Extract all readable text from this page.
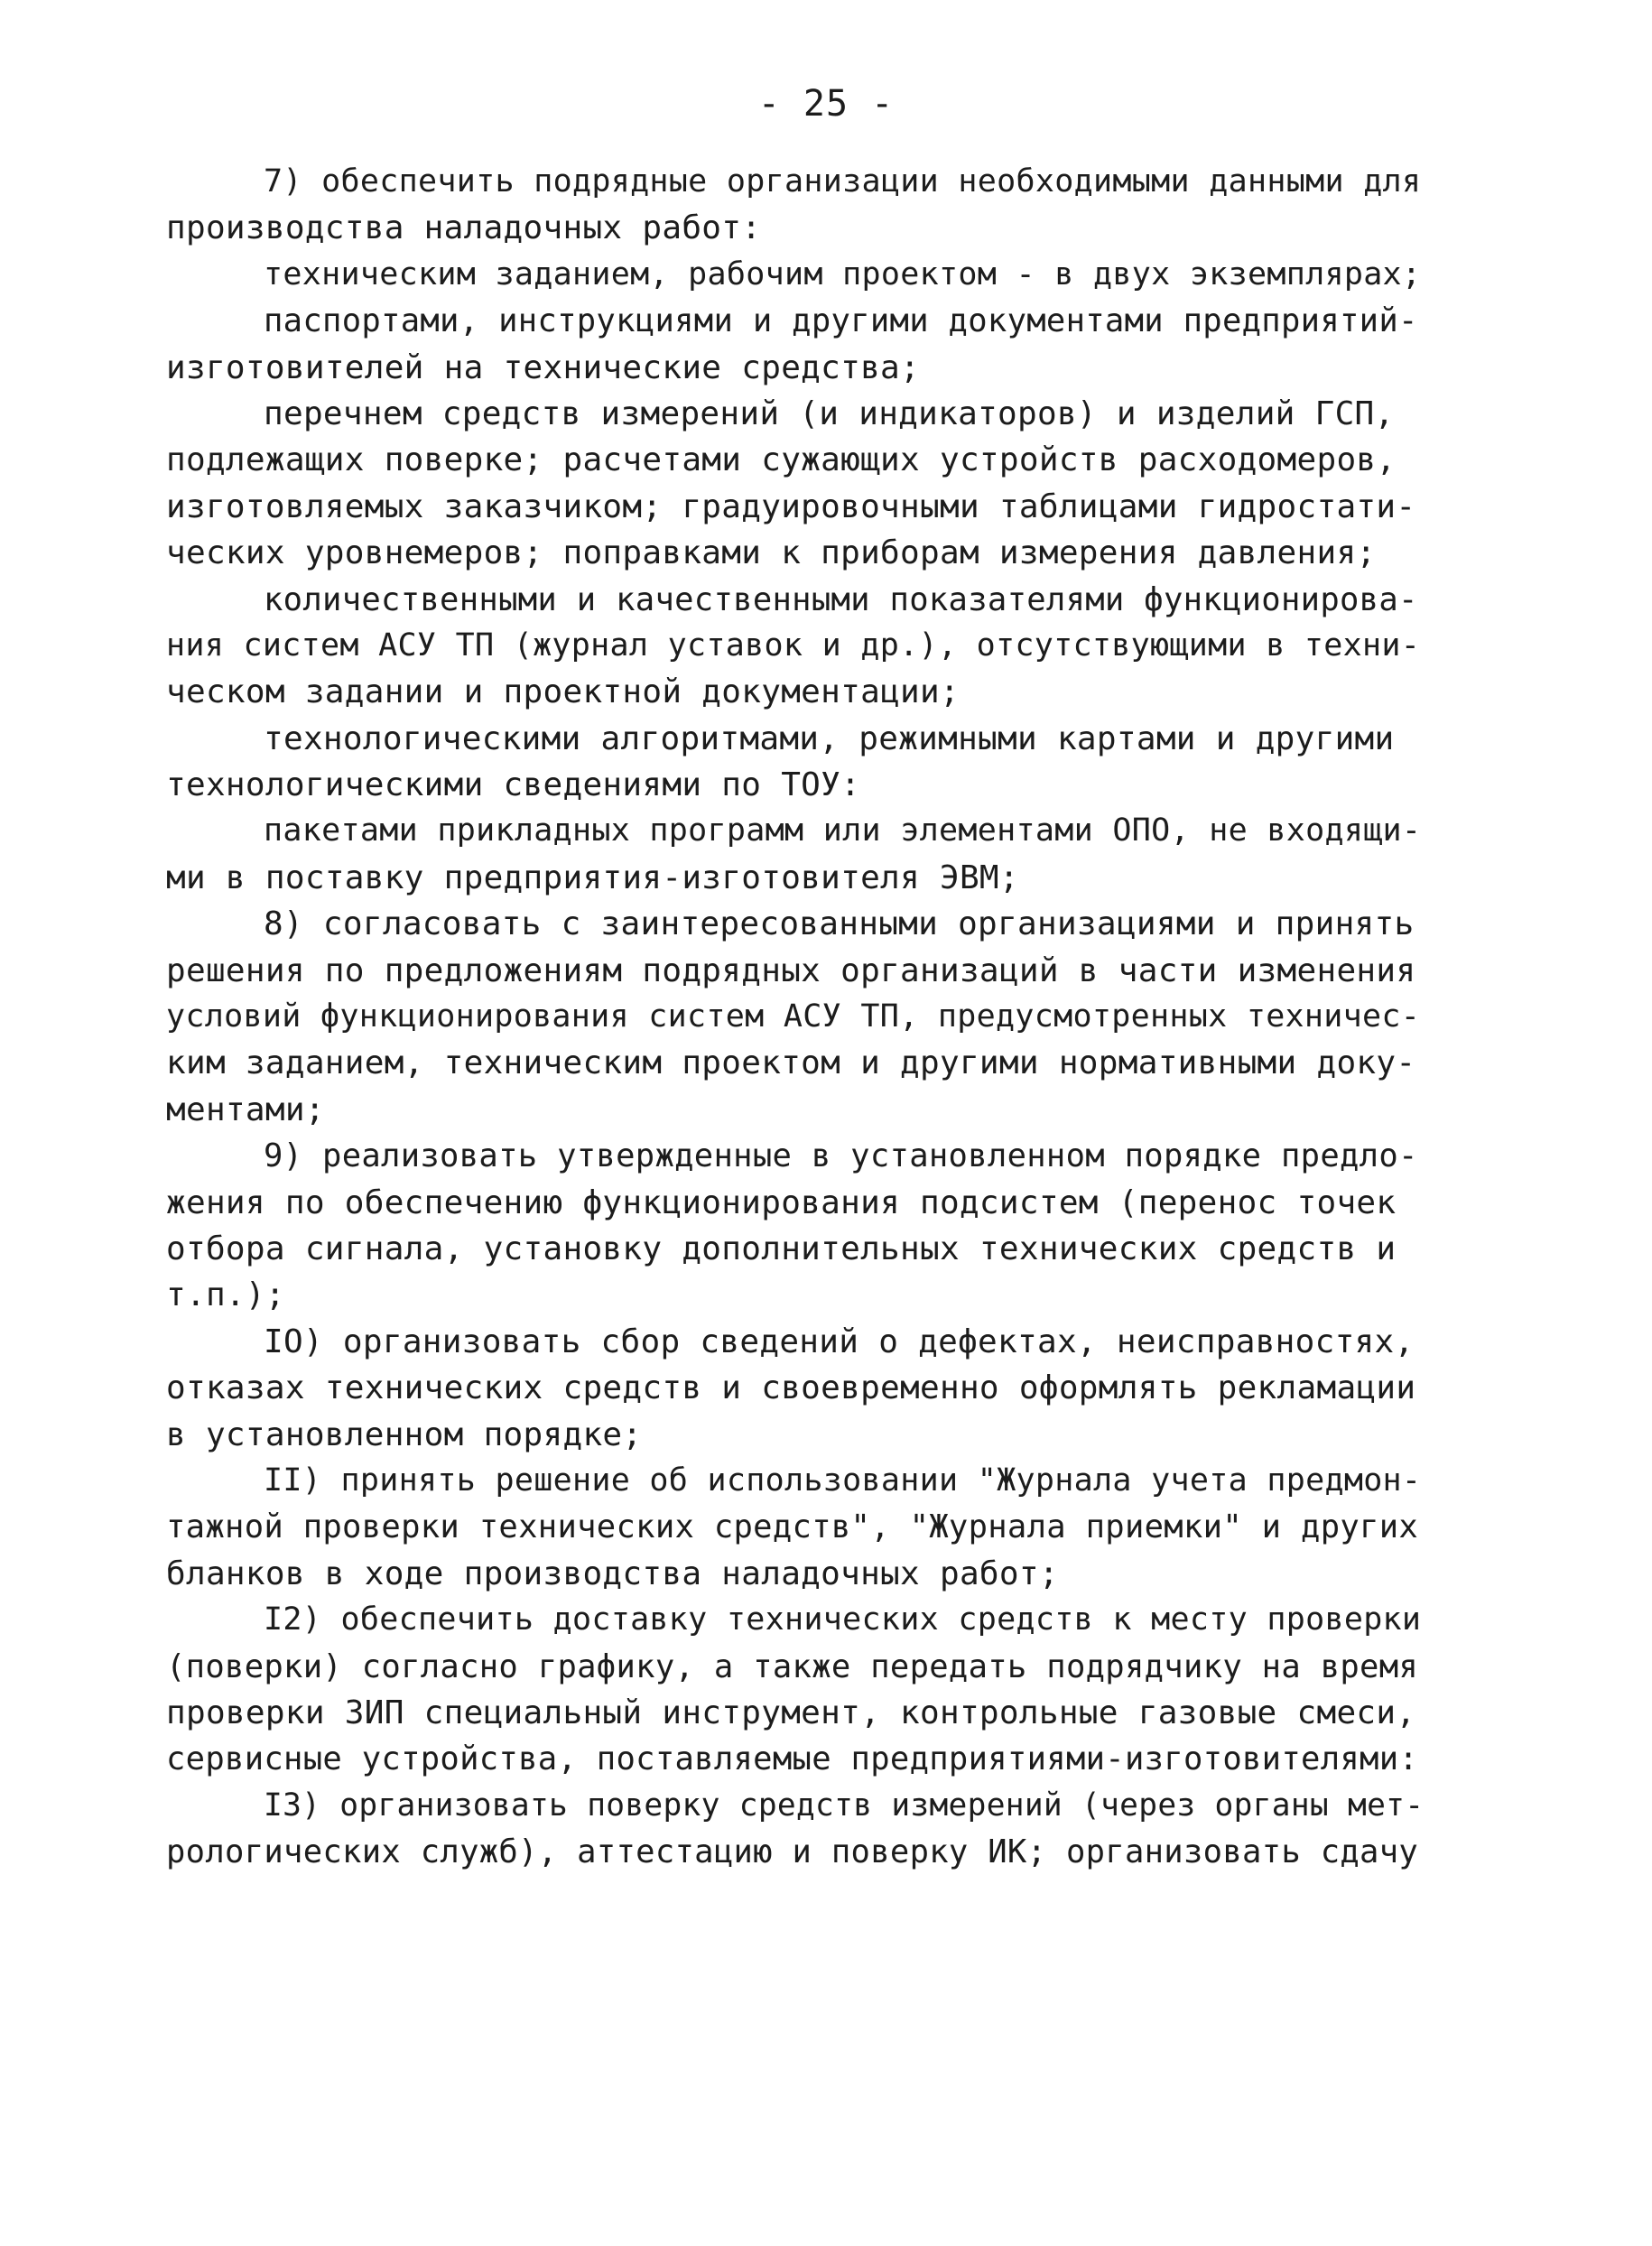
- 25 -
7) обеспечить подрядные организации необходимыми данными для
производства наладочных работ:
техническим заданием, рабочим проектом - в двух экземплярах;
паспортами, инструкциями и другими документами предприятий-
изготовителей на технические средства;
перечнем средств измерений (и индикаторов) и изделий ГСП,
подлежащих поверке; расчетами сужающих устройств расходомеров,
изготовляемых заказчиком; градуировочными таблицами гидростати-
ческих уровнемеров; поправками к приборам измерения давления;
количественными и качественными показателями функционирова-
ния систем АСУ ТП (журнал уставок и др.), отсутствующими в техни-
ческом задании и проектной документации;
технологическими алгоритмами, режимными картами и другими
технологическими сведениями по ТОУ:
пакетами прикладных программ или элементами ОПО, не входящи-
ми в поставку предприятия-изготовителя ЭВМ;
8) согласовать с заинтересованными организациями и принять
решения по предложениям подрядных организаций в части изменения
условий функционирования систем АСУ ТП, предусмотренных техничес-
ким заданием, техническим проектом и другими нормативными доку-
ментами;
9) реализовать утвержденные в установленном порядке предло-
жения по обеспечению функционирования подсистем (перенос точек
отбора сигнала, установку дополнительных технических средств и
т.п.);
IO) организовать сбор сведений о дефектах, неисправностях,
отказах технических средств и своевременно оформлять рекламации
в установленном порядке;
II) принять решение об использовании "Журнала учета предмон-
тажной проверки технических средств", "Журнала приемки" и других
бланков в ходе производства наладочных работ;
I2) обеспечить доставку технических средств к месту проверки
(поверки) согласно графику, а также передать подрядчику на время
проверки ЗИП специальный инструмент, контрольные газовые смеси,
сервисные устройства, поставляемые предприятиями-изготовителями:
I3) организовать поверку средств измерений (через органы мет-
рологических служб), аттестацию и поверку ИК; организовать сдачу
